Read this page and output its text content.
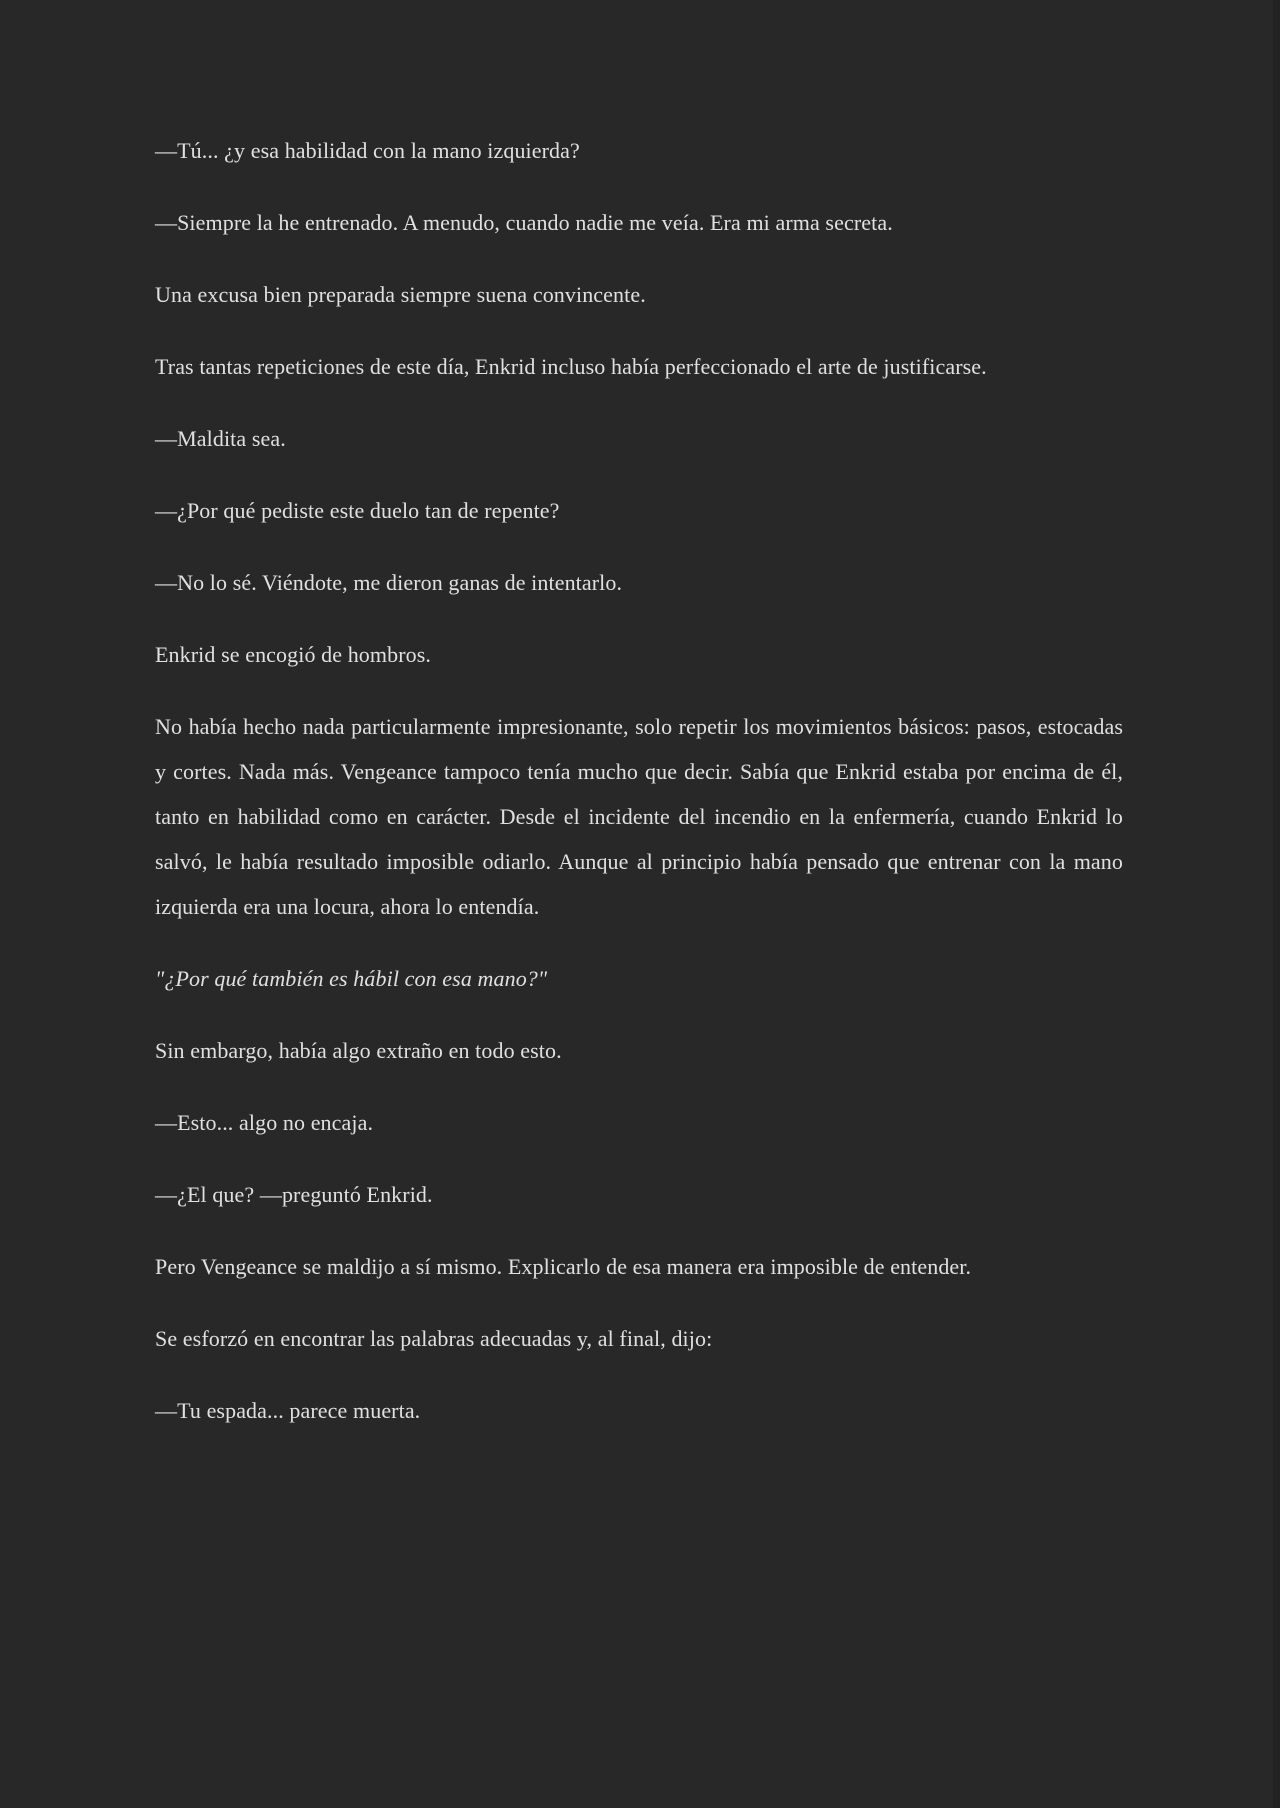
—Tú... ¿y esa habilidad con la mano izquierda?

—Siempre la he entrenado. A menudo, cuando nadie me veía. Era mi arma secreta.

Una excusa bien preparada siempre suena convincente.

Tras tantas repeticiones de este día, Enkrid incluso había perfeccionado el arte de justificarse.

—Maldita sea.

—¿Por qué pediste este duelo tan de repente?

—No lo sé. Viéndote, me dieron ganas de intentarlo.

Enkrid se encogió de hombros.

No había hecho nada particularmente impresionante, solo repetir los movimientos básicos: pasos, estocadas y cortes. Nada más. Vengeance tampoco tenía mucho que decir. Sabía que Enkrid estaba por encima de él, tanto en habilidad como en carácter. Desde el incidente del incendio en la enfermería, cuando Enkrid lo salvó, le había resultado imposible odiarlo. Aunque al principio había pensado que entrenar con la mano izquierda era una locura, ahora lo entendía.

"¿Por qué también es hábil con esa mano?"

Sin embargo, había algo extraño en todo esto.

—Esto... algo no encaja.

—¿El que? —preguntó Enkrid.

Pero Vengeance se maldijo a sí mismo. Explicarlo de esa manera era imposible de entender.

Se esforzó en encontrar las palabras adecuadas y, al final, dijo:

—Tu espada... parece muerta.
